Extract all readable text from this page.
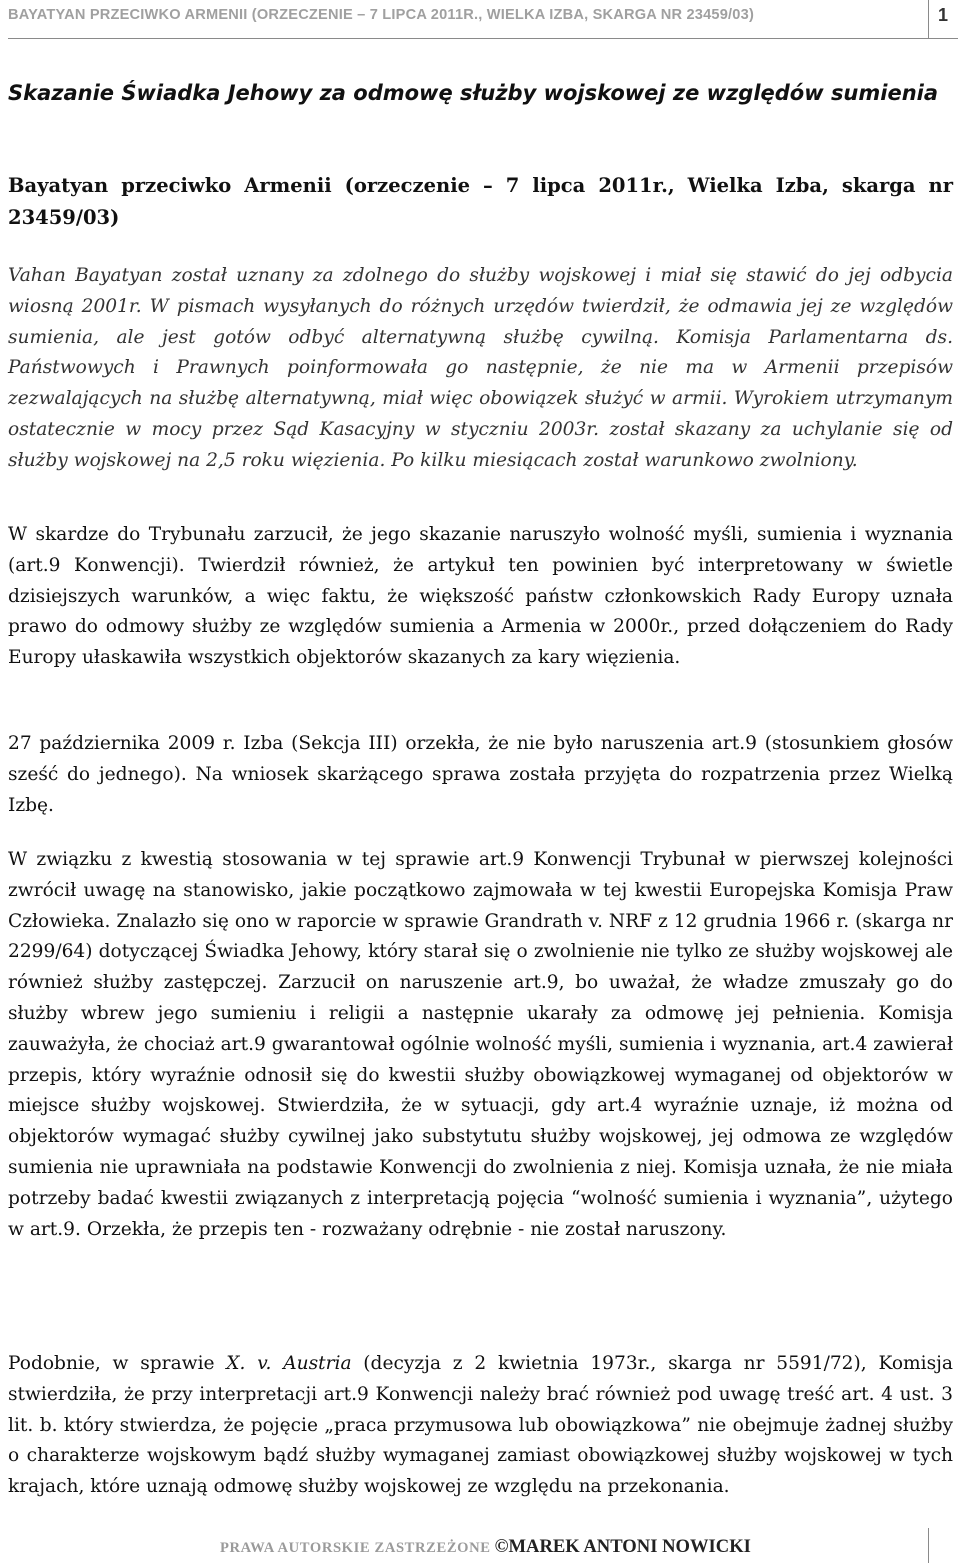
BAYATYAN PRZECIWKO ARMENII (ORZECZENIE – 7 LIPCA 2011R., WIELKA IZBA, SKARGA NR 23459/03)	1
Skazanie Świadka Jehowy za odmowę służby wojskowej ze względów sumienia
Bayatyan przeciwko Armenii (orzeczenie – 7 lipca 2011r., Wielka Izba, skarga nr 23459/03)

Vahan Bayatyan został uznany za zdolnego do służby wojskowej i miał się stawić do jej odbycia wiosną 2001r. W pismach wysyłanych do różnych urzędów twierdził, że odmawia jej ze względów sumienia, ale jest gotów odbyć alternatywną służbę cywilną. Komisja Parlamentarna ds. Państwowych i Prawnych poinformowała go następnie, że nie ma w Armenii przepisów zezwalających na służbę alternatywną, miał więc obowiązek służyć w armii. Wyrokiem utrzymanym ostatecznie w mocy przez Sąd Kasacyjny w styczniu 2003r. został skazany za uchylanie się od służby wojskowej na 2,5 roku więzienia. Po kilku miesiącach został warunkowo zwolniony.

W skardze do Trybunału zarzucił, że jego skazanie naruszyło wolność myśli, sumienia i wyznania (art.9 Konwencji). Twierdził również, że artykuł ten powinien być interpretowany w świetle dzisiejszych warunków, a więc faktu, że większość państw członkowskich Rady Europy uznała prawo do odmowy służby ze względów sumienia a Armenia w 2000r., przed dołączeniem do Rady Europy ułaskawiła wszystkich objektorów skazanych za kary więzienia.

27 października 2009 r. Izba (Sekcja III) orzekła, że nie było naruszenia art.9 (stosunkiem głosów sześć do jednego). Na wniosek skarżącego sprawa została przyjęta do rozpatrzenia przez Wielką Izbę.

W związku z kwestią stosowania w tej sprawie art.9 Konwencji Trybunał w pierwszej kolejności zwrócił uwagę na stanowisko, jakie początkowo zajmowała w tej kwestii Europejska Komisja Praw Człowieka. Znalazło się ono w raporcie w sprawie Grandrath v. NRF z 12 grudnia 1966 r. (skarga nr 2299/64) dotyczącej Świadka Jehowy, który starał się o zwolnienie nie tylko ze służby wojskowej ale również służby zastępczej. Zarzucił on naruszenie art.9, bo uważał, że władze zmuszały go do służby wbrew jego sumieniu i religii a następnie ukarały za odmowę jej pełnienia. Komisja zauważyła, że chociaż art.9 gwarantował ogólnie wolność myśli, sumienia i wyznania, art.4 zawierał przepis, który wyraźnie odnosił się do kwestii służby obowiązkowej wymaganej od objektorów w miejsce służby wojskowej. Stwierdziła, że w sytuacji, gdy art.4 wyraźnie uznaje, iż można od objektorów wymagać służby cywilnej jako substytutu służby wojskowej, jej odmowa ze względów sumienia nie uprawniała na podstawie Konwencji do zwolnienia z niej. Komisja uznała, że nie miała potrzeby badać kwestii związanych z interpretacją pojęcia “wolność sumienia i wyznania”, użytego w art.9. Orzekła, że przepis ten - rozważany odrębnie - nie został naruszony.

Podobnie, w sprawie X. v. Austria (decyzja z 2 kwietnia 1973r., skarga nr 5591/72), Komisja stwierdziła, że przy interpretacji art.9 Konwencji należy brać również pod uwagę treść art. 4 ust. 3 lit. b. który stwierdza, że pojęcie „praca przymusowa lub obowiązkowa” nie obejmuje żadnej służby o charakterze wojskowym bądź służby wymaganej zamiast obowiązkowej służby wojskowej w tych krajach, które uznają odmowę służby wojskowej ze względu na przekonania.

PRAWA AUTORSKIE ZASTRZEŻONE ©MAREK ANTONI NOWICKI
